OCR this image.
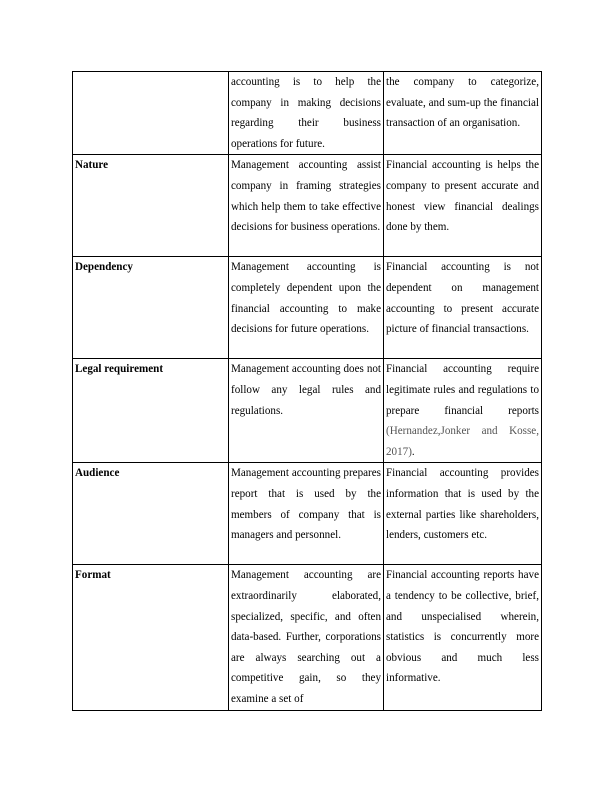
	accounting is to help the company in making decisions regarding their business operations for future.	the company to categorize, evaluate, and sum-up the financial transaction of an organisation.
Nature	Management accounting assist company in framing strategies which help them to take effective decisions for business operations.	Financial accounting is helps the company to present accurate and honest view financial dealings done by them.
Dependency	Management accounting is completely dependent upon the financial accounting to make decisions for future operations.	Financial accounting is not dependent on management accounting to present accurate picture of financial transactions.
Legal requirement	Management accounting does not follow any legal rules and regulations.	Financial accounting require legitimate rules and regulations to prepare financial reports (Hernandez,Jonker and Kosse, 2017).
Audience	Management accounting prepares report that is used by the members of company that is managers and personnel.	Financial accounting provides information that is used by the external parties like shareholders, lenders, customers etc.
Format	Management accounting are extraordinarily elaborated, specialized, specific, and often data-based. Further, corporations are always searching out a competitive gain, so they examine a set of	Financial accounting reports have a tendency to be collective, brief, and unspecialised wherein, statistics is concurrently more obvious and much less informative.
